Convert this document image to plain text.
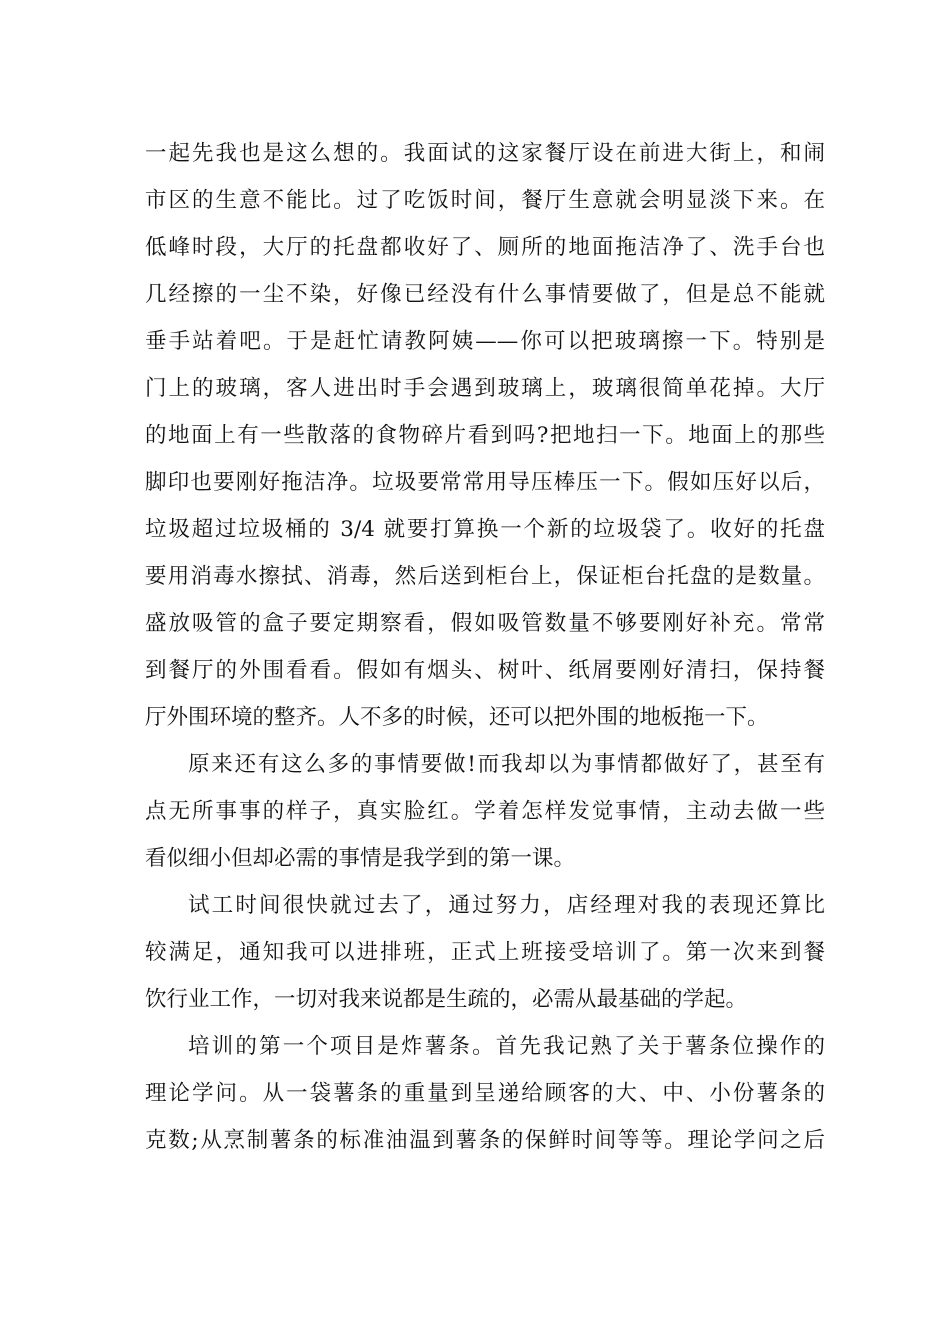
一起先我也是这么想的。我面试的这家餐厅设在前进大街上，和闹
市区的生意不能比。过了吃饭时间，餐厅生意就会明显淡下来。在
低峰时段，大厅的托盘都收好了、厕所的地面拖洁净了、洗手台也
几经擦的一尘不染，好像已经没有什么事情要做了，但是总不能就
垂手站着吧。于是赶忙请教阿姨——你可以把玻璃擦一下。特别是
门上的玻璃，客人进出时手会遇到玻璃上，玻璃很简单花掉。大厅
的地面上有一些散落的食物碎片看到吗?把地扫一下。地面上的那些
脚印也要刚好拖洁净。垃圾要常常用导压棒压一下。假如压好以后，
垃圾超过垃圾桶的 3/4 就要打算换一个新的垃圾袋了。收好的托盘
要用消毒水擦拭、消毒，然后送到柜台上，保证柜台托盘的是数量。
盛放吸管的盒子要定期察看，假如吸管数量不够要刚好补充。常常
到餐厅的外围看看。假如有烟头、树叶、纸屑要刚好清扫，保持餐
厅外围环境的整齐。人不多的时候，还可以把外围的地板拖一下。
原来还有这么多的事情要做!而我却以为事情都做好了，甚至有
点无所事事的样子，真实脸红。学着怎样发觉事情，主动去做一些
看似细小但却必需的事情是我学到的第一课。
试工时间很快就过去了，通过努力，店经理对我的表现还算比
较满足，通知我可以进排班，正式上班接受培训了。第一次来到餐
饮行业工作，一切对我来说都是生疏的，必需从最基础的学起。
培训的第一个项目是炸薯条。首先我记熟了关于薯条位操作的
理论学问。从一袋薯条的重量到呈递给顾客的大、中、小份薯条的
克数;从烹制薯条的标准油温到薯条的保鲜时间等等。理论学问之后
